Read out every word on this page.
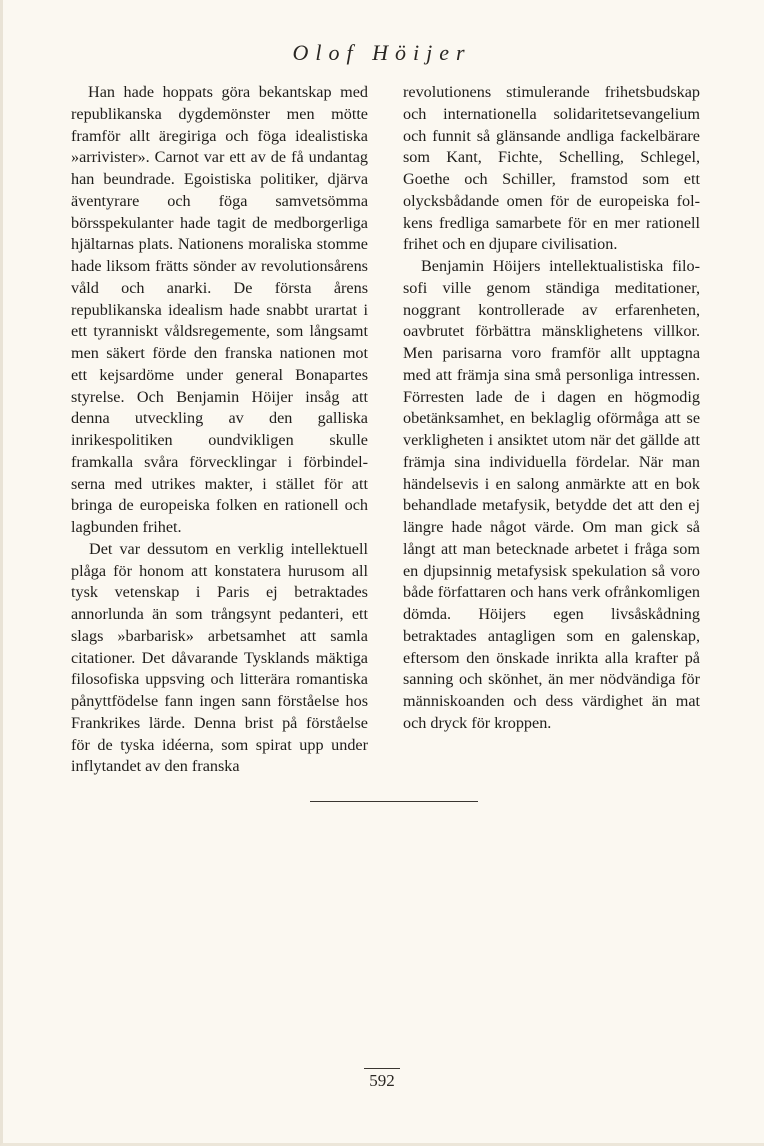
Olof Höijer

Han hade hoppats göra bekantskap med republikanska dygdemönster men mötte framför allt äregiriga och föga idealistiska »arrivister». Carnot var ett av de få undantag han beundrade. Egoistiska politiker, djärva äventyrare och föga samvetsömma börsspekulanter hade tagit de medborgerliga hjältarnas plats. Nationens moraliska stomme hade liksom frätts sönder av revolutionsårens våld och anarki. De första årens republikanska idealism hade snabbt urartat i ett tyranniskt våldsregemente, som långsamt men säkert förde den franska nationen mot ett kejsardöme under general Bonapartes styrelse. Och Benjamin Höijer insåg att denna utveckling av den galliska inrikespolitiken oundvikligen skulle framkalla svåra förvecklingar i förbindelserna med utrikes makter, i stället för att bringa de europeiska folken en rationell och lagbunden frihet.

Det var dessutom en verklig intellektuell plåga för honom att konstatera hurusom all tysk vetenskap i Paris ej betraktades annorlunda än som trångsynt pedanteri, ett slags »barbarisk» arbetsamhet att samla citationer. Det dåvarande Tysklands mäktiga filosofiska uppsving och litterära romantiska pånyttfödelse fann ingen sann förståelse hos Frankrikes lärde. Denna brist på förståelse för de tyska idéerna, som spirat upp under inflytandet av den franska

revolutionens stimulerande frihetsbudskap och internationella solidaritetsevangelium och funnit så glänsande andliga fackelbärare som Kant, Fichte, Schelling, Schlegel, Goethe och Schiller, framstod som ett olycksbådande omen för de europeiska folkens fredliga samarbete för en mer rationell frihet och en djupare civilisation.

Benjamin Höijers intellektualistiska filosofi ville genom ständiga meditationer, noggrant kontrollerade av erfarenheten, oavbrutet förbättra mänsklighetens villkor. Men parisarna voro framför allt upptagna med att främja sina små personliga intressen. Förresten lade de i dagen en högmodig obetänksamhet, en beklaglig oförmåga att se verkligheten i ansiktet utom när det gällde att främja sina individuella fördelar. När man händelsevis i en salong anmärkte att en bok behandlade metafysik, betydde det att den ej längre hade något värde. Om man gick så långt att man betecknade arbetet i fråga som en djupsinnig metafysisk spekulation så voro både författaren och hans verk ofrånkomligen dömda. Höijers egen livsåskådning betraktades antagligen som en galenskap, eftersom den önskade inrikta alla krafter på sanning och skönhet, än mer nödvändiga för människoanden och dess värdighet än mat och dryck för kroppen.

592
